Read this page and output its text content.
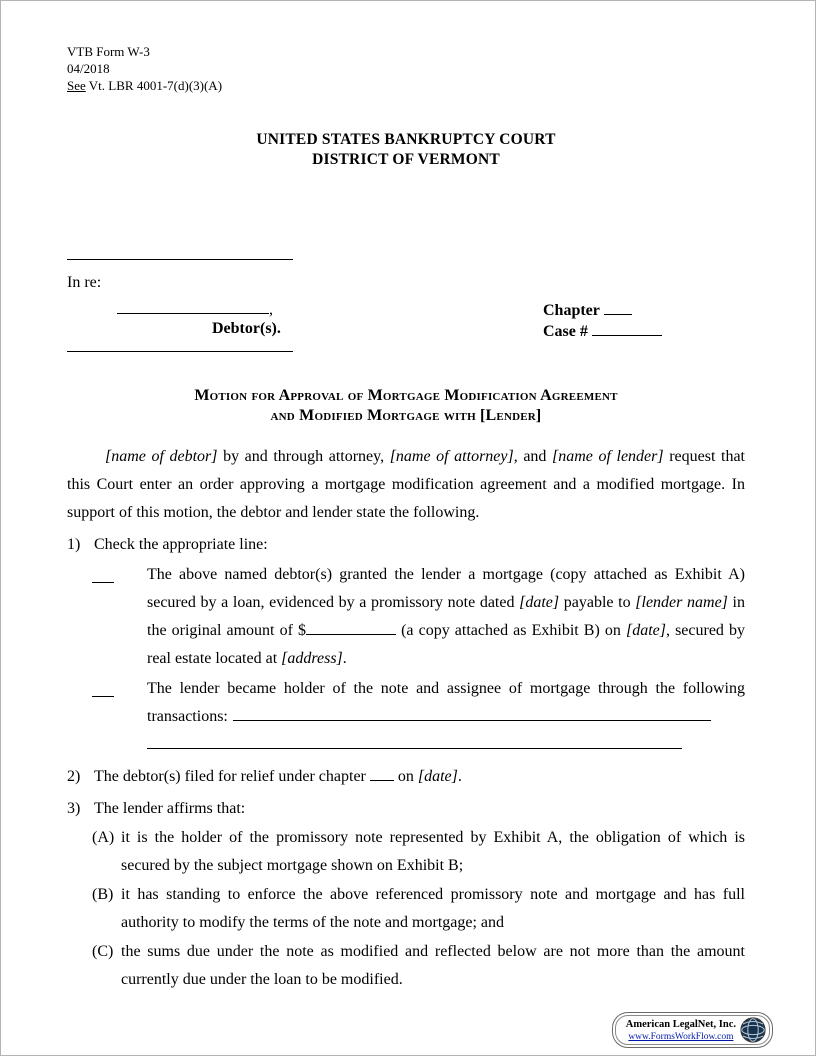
VTB Form W-3
04/2018
See Vt. LBR 4001-7(d)(3)(A)
UNITED STATES BANKRUPTCY COURT
DISTRICT OF VERMONT
In re:
,
Debtor(s).
Chapter
Case #
Motion for Approval of Mortgage Modification Agreement
and Modified Mortgage with [Lender]

[name of debtor] by and through attorney, [name of attorney], and [name of lender] request that this Court enter an order approving a mortgage modification agreement and a modified mortgage. In support of this motion, the debtor and lender state the following.

1) Check the appropriate line:
The above named debtor(s) granted the lender a mortgage (copy attached as Exhibit A) secured by a loan, evidenced by a promissory note dated [date] payable to [lender name] in the original amount of $	(a copy attached as Exhibit B) on [date], secured by real estate located at [address].
The lender became holder of the note and assignee of mortgage through the following transactions:
2) The debtor(s) filed for relief under chapter  on [date].
3) The lender affirms that:
(A) it is the holder of the promissory note represented by Exhibit A, the obligation of which is secured by the subject mortgage shown on Exhibit B;
(B) it has standing to enforce the above referenced promissory note and mortgage and has full authority to modify the terms of the note and mortgage; and
(C) the sums due under the note as modified and reflected below are not more than the amount currently due under the loan to be modified.
American LegalNet, Inc.
www.FormsWorkFlow.com
